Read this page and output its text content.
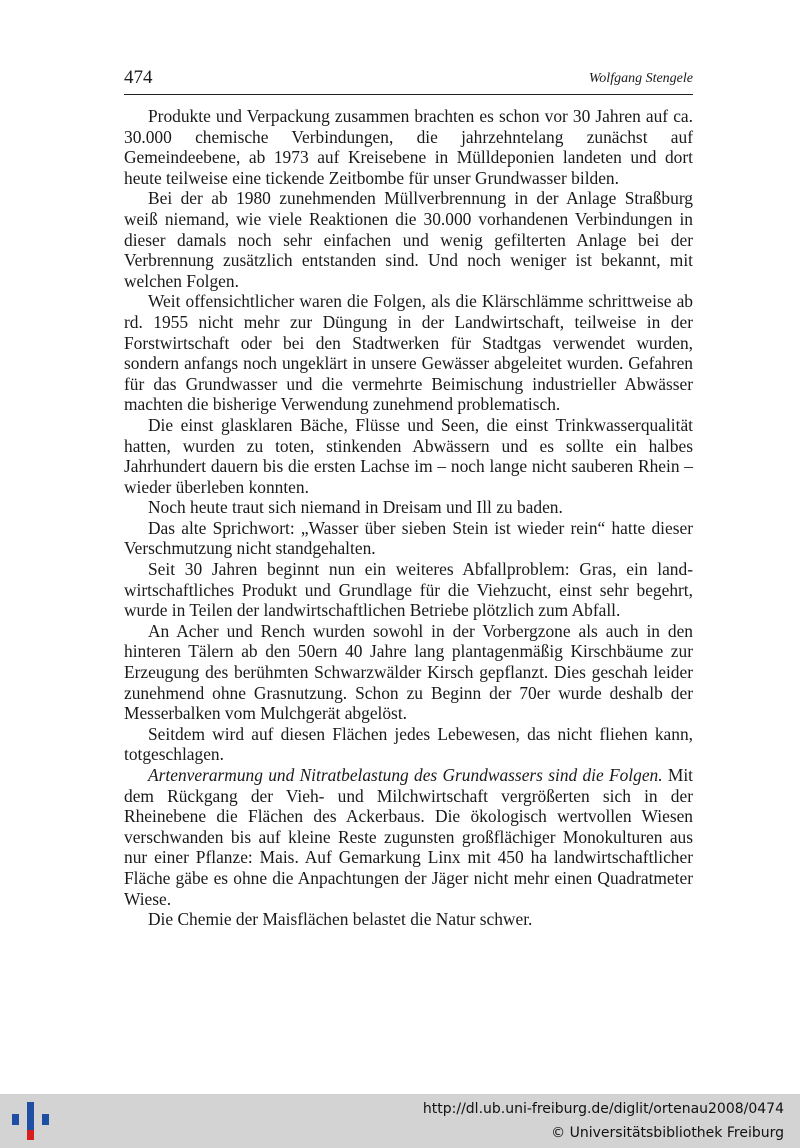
474	Wolfgang Stengele

Produkte und Verpackung zusammen brachten es schon vor 30 Jahren auf ca. 30.000 chemische Verbindungen, die jahrzehntelang zunächst auf Gemeindeebene, ab 1973 auf Kreisebene in Mülldeponien landeten und dort heute teilweise eine tickende Zeitbombe für unser Grundwasser bilden.

Bei der ab 1980 zunehmenden Müllverbrennung in der Anlage Straßburg weiß niemand, wie viele Reaktionen die 30.000 vorhandenen Verbindungen in dieser damals noch sehr einfachen und wenig gefilterten Anlage bei der Verbrennung zusätzlich entstanden sind. Und noch weniger ist bekannt, mit welchen Folgen.

Weit offensichtlicher waren die Folgen, als die Klärschlämme schrittweise ab rd. 1955 nicht mehr zur Düngung in der Landwirtschaft, teilweise in der Forstwirtschaft oder bei den Stadtwerken für Stadtgas verwendet wurden, sondern anfangs noch ungeklärt in unsere Gewässer abgeleitet wurden. Gefahren für das Grundwasser und die vermehrte Beimischung industrieller Abwässer machten die bisherige Verwendung zunehmend problematisch.

Die einst glasklaren Bäche, Flüsse und Seen, die einst Trinkwasserqualität hatten, wurden zu toten, stinkenden Abwässern und es sollte ein halbes Jahrhundert dauern bis die ersten Lachse im – noch lange nicht sauberen Rhein – wieder überleben konnten.

Noch heute traut sich niemand in Dreisam und Ill zu baden.

Das alte Sprichwort: „Wasser über sieben Stein ist wieder rein“ hatte dieser Verschmutzung nicht standgehalten.

Seit 30 Jahren beginnt nun ein weiteres Abfallproblem: Gras, ein landwirtschaftliches Produkt und Grundlage für die Viehzucht, einst sehr begehrt, wurde in Teilen der landwirtschaftlichen Betriebe plötzlich zum Abfall.

An Acher und Rench wurden sowohl in der Vorbergzone als auch in den hinteren Tälern ab den 50ern 40 Jahre lang plantagenmäßig Kirschbäume zur Erzeugung des berühmten Schwarzwälder Kirsch gepflanzt. Dies geschah leider zunehmend ohne Grasnutzung. Schon zu Beginn der 70er wurde deshalb der Messerbalken vom Mulchgerät abgelöst.

Seitdem wird auf diesen Flächen jedes Lebewesen, das nicht fliehen kann, totgeschlagen.

Artenverarmung und Nitratbelastung des Grundwassers sind die Folgen. Mit dem Rückgang der Vieh- und Milchwirtschaft vergrößerten sich in der Rheinebene die Flächen des Ackerbaus. Die ökologisch wertvollen Wiesen verschwanden bis auf kleine Reste zugunsten großflächiger Monokulturen aus nur einer Pflanze: Mais. Auf Gemarkung Linx mit 450 ha landwirtschaftlicher Fläche gäbe es ohne die Anpachtungen der Jäger nicht mehr einen Quadratmeter Wiese.

Die Chemie der Maisflächen belastet die Natur schwer.

http://dl.ub.uni-freiburg.de/diglit/ortenau2008/0474
© Universitätsbibliothek Freiburg
